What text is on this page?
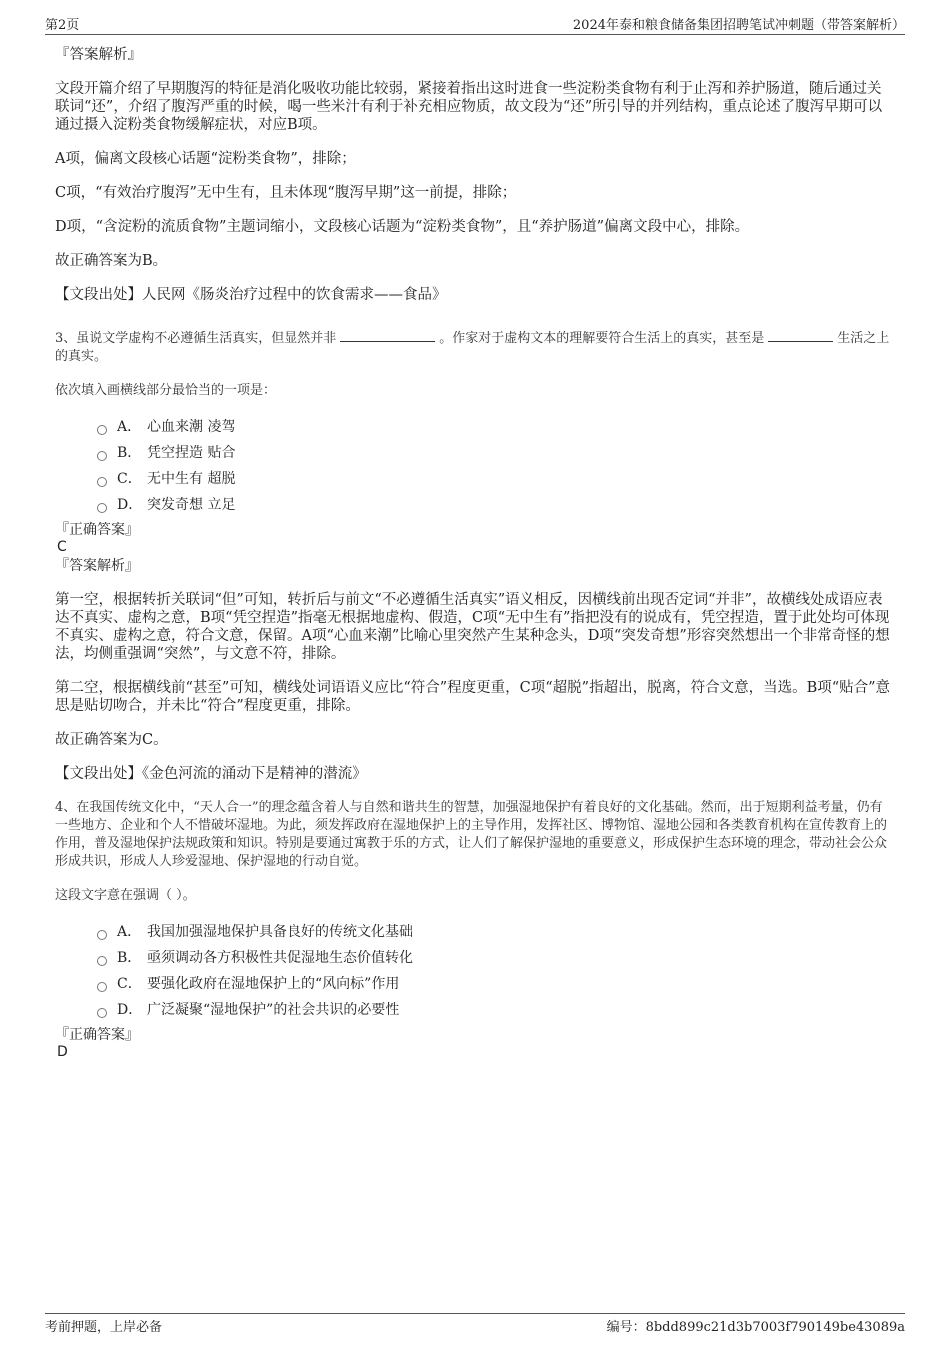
第2页	2024年泰和粮食储备集团招聘笔试冲刺题（带答案解析）

『答案解析』

文段开篇介绍了早期腹泻的特征是消化吸收功能比较弱，紧接着指出这时进食一些淀粉类食物有利于止泻和养护肠道，随后通过关联词“还”，介绍了腹泻严重的时候，喝一些米汁有利于补充相应物质，故文段为“还”所引导的并列结构，重点论述了腹泻早期可以通过摄入淀粉类食物缓解症状，对应B项。

A项，偏离文段核心话题“淀粉类食物”，排除；

C项，“有效治疗腹泻”无中生有，且未体现“腹泻早期”这一前提，排除；

D项，“含淀粉的流质食物”主题词缩小，文段核心话题为“淀粉类食物”，且“养护肠道”偏离文段中心，排除。

故正确答案为B。

【文段出处】人民网《肠炎治疗过程中的饮食需求——食品》

3、虽说文学虚构不必遵循生活真实，但显然并非	。作家对于虚构文本的理解要符合生活上的真实，甚至是	生活之上的真实。

依次填入画横线部分最恰当的一项是：

A． 心血来潮 凌驾
B． 凭空捏造 贴合
C． 无中生有 超脱
D． 突发奇想 立足

『正确答案』

C

『答案解析』

第一空，根据转折关联词“但”可知，转折后与前文“不必遵循生活真实”语义相反，因横线前出现否定词“并非”，故横线处成语应表达不真实、虚构之意，B项“凭空捏造”指毫无根据地虚构、假造，C项“无中生有”指把没有的说成有，凭空捏造，置于此处均可体现不真实、虚构之意，符合文意，保留。A项“心血来潮”比喻心里突然产生某种念头，D项“突发奇想”形容突然想出一个非常奇怪的想法，均侧重强调“突然”，与文意不符，排除。

第二空，根据横线前“甚至”可知，横线处词语语义应比“符合”程度更重，C项“超脱”指超出，脱离，符合文意，当选。B项“贴合”意思是贴切吻合，并未比“符合”程度更重，排除。

故正确答案为C。

【文段出处】《金色河流的涌动下是精神的潜流》

4、在我国传统文化中，“天人合一”的理念蕴含着人与自然和谐共生的智慧，加强湿地保护有着良好的文化基础。然而，出于短期利益考量，仍有一些地方、企业和个人不惜破坏湿地。为此，须发挥政府在湿地保护上的主导作用，发挥社区、博物馆、湿地公园和各类教育机构在宣传教育上的作用，普及湿地保护法规政策和知识。特别是要通过寓教于乐的方式，让人们了解保护湿地的重要意义，形成保护生态环境的理念，带动社会公众形成共识，形成人人珍爱湿地、保护湿地的行动自觉。

这段文字意在强调（ ）。

A． 我国加强湿地保护具备良好的传统文化基础
B． 亟须调动各方积极性共促湿地生态价值转化
C． 要强化政府在湿地保护上的“风向标”作用
D． 广泛凝聚“湿地保护”的社会共识的必要性

『正确答案』

D

考前押题，上岸必备	编号：8bdd899c21d3b7003f790149be43089a
